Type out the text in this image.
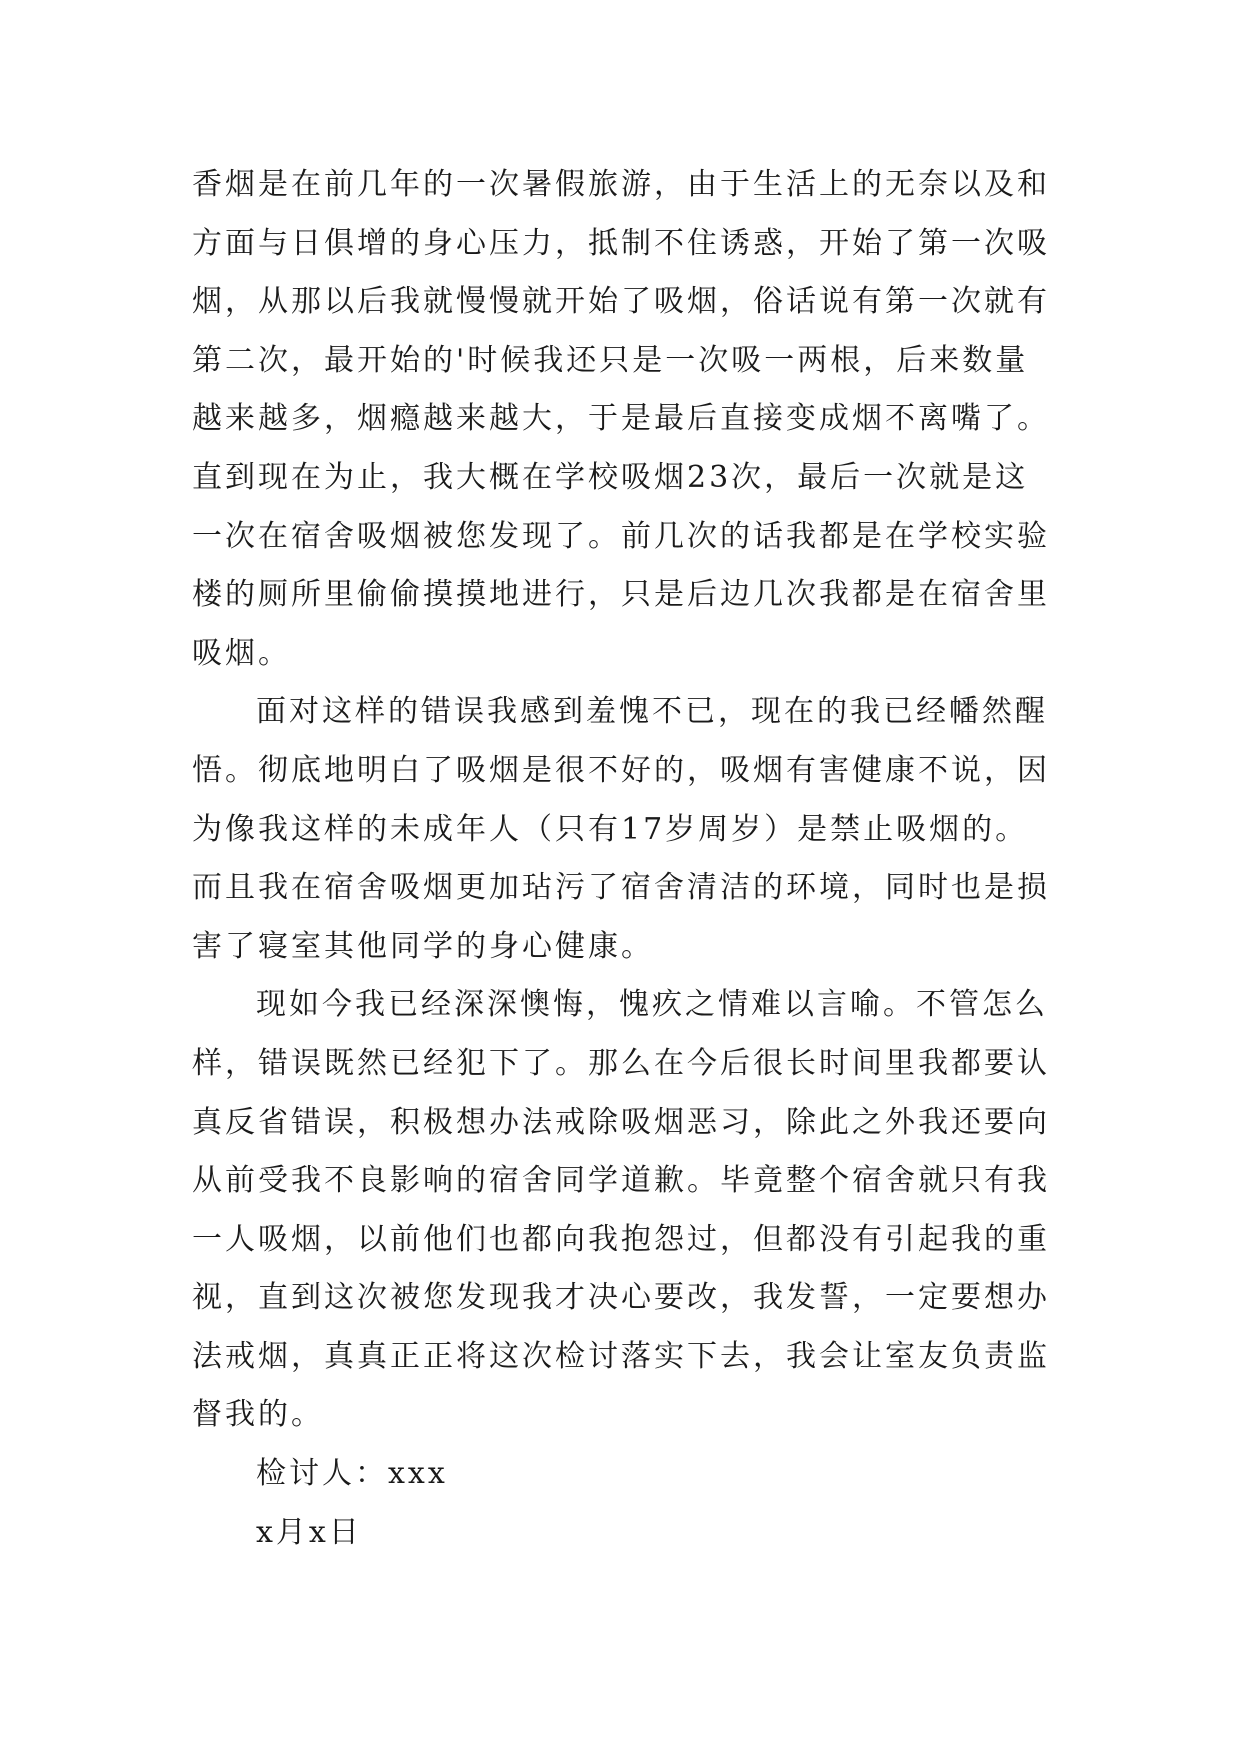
香烟是在前几年的一次暑假旅游，由于生活上的无奈以及和
方面与日俱增的身心压力，抵制不住诱惑，开始了第一次吸
烟，从那以后我就慢慢就开始了吸烟，俗话说有第一次就有
第二次，最开始的'时候我还只是一次吸一两根，后来数量
越来越多，烟瘾越来越大，于是最后直接变成烟不离嘴了。
直到现在为止，我大概在学校吸烟23次，最后一次就是这
一次在宿舍吸烟被您发现了。前几次的话我都是在学校实验
楼的厕所里偷偷摸摸地进行，只是后边几次我都是在宿舍里
吸烟。
面对这样的错误我感到羞愧不已，现在的我已经幡然醒
悟。彻底地明白了吸烟是很不好的，吸烟有害健康不说，因
为像我这样的未成年人（只有17岁周岁）是禁止吸烟的。
而且我在宿舍吸烟更加玷污了宿舍清洁的环境，同时也是损
害了寝室其他同学的身心健康。
现如今我已经深深懊悔，愧疚之情难以言喻。不管怎么
样，错误既然已经犯下了。那么在今后很长时间里我都要认
真反省错误，积极想办法戒除吸烟恶习，除此之外我还要向
从前受我不良影响的宿舍同学道歉。毕竟整个宿舍就只有我
一人吸烟，以前他们也都向我抱怨过，但都没有引起我的重
视，直到这次被您发现我才决心要改，我发誓，一定要想办
法戒烟，真真正正将这次检讨落实下去，我会让室友负责监
督我的。
检讨人：xxx
x月x日
